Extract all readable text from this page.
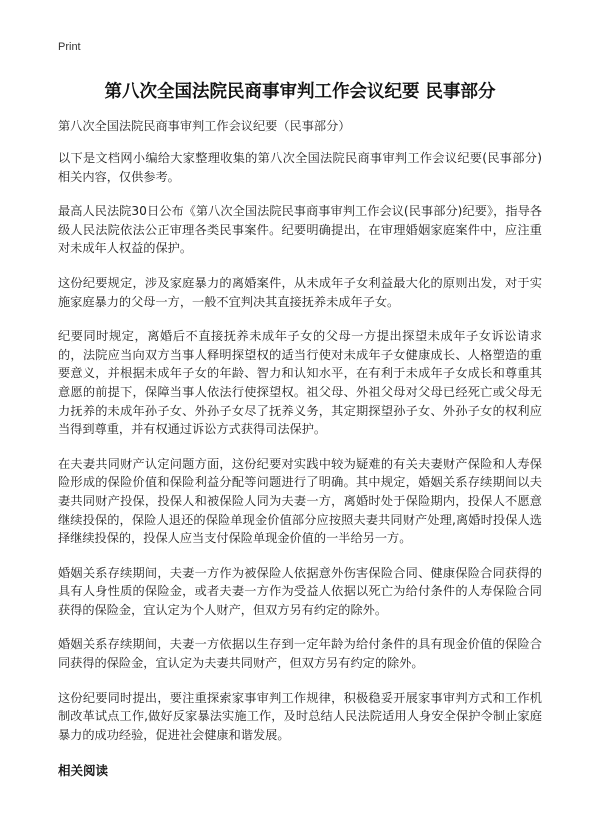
Print
第八次全国法院民商事审判工作会议纪要 民事部分
第八次全国法院民商事审判工作会议纪要（民事部分）

以下是文档网小编给大家整理收集的第八次全国法院民商事审判工作会议纪要(民事部分)相关内容，仅供参考。

最高人民法院30日公布《第八次全国法院民事商事审判工作会议(民事部分)纪要》，指导各级人民法院依法公正审理各类民事案件。纪要明确提出，在审理婚姻家庭案件中，应注重对未成年人权益的保护。

这份纪要规定，涉及家庭暴力的离婚案件，从未成年子女利益最大化的原则出发，对于实施家庭暴力的父母一方，一般不宜判决其直接抚养未成年子女。

纪要同时规定，离婚后不直接抚养未成年子女的父母一方提出探望未成年子女诉讼请求的，法院应当向双方当事人释明探望权的适当行使对未成年子女健康成长、人格塑造的重要意义，并根据未成年子女的年龄、智力和认知水平，在有利于未成年子女成长和尊重其意愿的前提下，保障当事人依法行使探望权。祖父母、外祖父母对父母已经死亡或父母无力抚养的未成年孙子女、外孙子女尽了抚养义务，其定期探望孙子女、外孙子女的权利应当得到尊重，并有权通过诉讼方式获得司法保护。

在夫妻共同财产认定问题方面，这份纪要对实践中较为疑难的有关夫妻财产保险和人寿保险形成的保险价值和保险利益分配等问题进行了明确。其中规定，婚姻关系存续期间以夫妻共同财产投保，投保人和被保险人同为夫妻一方，离婚时处于保险期内，投保人不愿意继续投保的，保险人退还的保险单现金价值部分应按照夫妻共同财产处理,离婚时投保人选择继续投保的，投保人应当支付保险单现金价值的一半给另一方。

婚姻关系存续期间，夫妻一方作为被保险人依据意外伤害保险合同、健康保险合同获得的具有人身性质的保险金，或者夫妻一方作为受益人依据以死亡为给付条件的人寿保险合同获得的保险金，宜认定为个人财产，但双方另有约定的除外。

婚姻关系存续期间，夫妻一方依据以生存到一定年龄为给付条件的具有现金价值的保险合同获得的保险金，宜认定为夫妻共同财产，但双方另有约定的除外。

这份纪要同时提出，要注重探索家事审判工作规律，积极稳妥开展家事审判方式和工作机制改革试点工作,做好反家暴法实施工作，及时总结人民法院适用人身安全保护令制止家庭暴力的成功经验，促进社会健康和谐发展。

相关阅读
